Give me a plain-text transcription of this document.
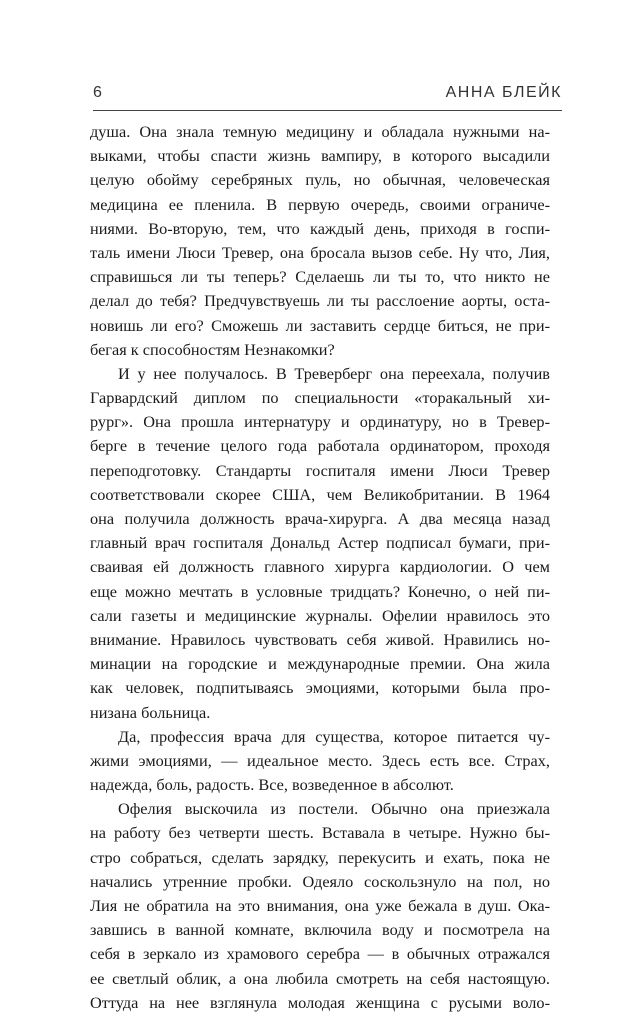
6	АННА БЛЕЙК
душа. Она знала темную медицину и обладала нужными на-
выками, чтобы спасти жизнь вампиру, в которого высадили
целую обойму серебряных пуль, но обычная, человеческая
медицина ее пленила. В первую очередь, своими ограниче-
ниями. Во-вторую, тем, что каждый день, приходя в госпи-
таль имени Люси Тревер, она бросала вызов себе. Ну что, Лия,
справишься ли ты теперь? Сделаешь ли ты то, что никто не
делал до тебя? Предчувствуешь ли ты расслоение аорты, оста-
новишь ли его? Сможешь ли заставить сердце биться, не при-
бегая к способностям Незнакомки?
И у нее получалось. В Треверберг она переехала, получив
Гарвардский диплом по специальности «торакальный хи-
рург». Она прошла интернатуру и ординатуру, но в Тревер-
берге в течение целого года работала ординатором, проходя
переподготовку. Стандарты госпиталя имени Люси Тревер
соответствовали скорее США, чем Великобритании. В 1964
она получила должность врача-хирурга. А два месяца назад
главный врач госпиталя Дональд Астер подписал бумаги, при-
сваивая ей должность главного хирурга кардиологии. О чем
еще можно мечтать в условные тридцать? Конечно, о ней пи-
сали газеты и медицинские журналы. Офелии нравилось это
внимание. Нравилось чувствовать себя живой. Нравились но-
минации на городские и международные премии. Она жила
как человек, подпитываясь эмоциями, которыми была про-
низана больница.
Да, профессия врача для существа, которое питается чу-
жими эмоциями, — идеальное место. Здесь есть все. Страх,
надежда, боль, радость. Все, возведенное в абсолют.
Офелия выскочила из постели. Обычно она приезжала
на работу без четверти шесть. Вставала в четыре. Нужно бы-
стро собраться, сделать зарядку, перекусить и ехать, пока не
начались утренние пробки. Одеяло соскользнуло на пол, но
Лия не обратила на это внимания, она уже бежала в душ. Ока-
завшись в ванной комнате, включила воду и посмотрела на
себя в зеркало из храмового серебра — в обычных отражался
ее светлый облик, а она любила смотреть на себя настоящую.
Оттуда на нее взглянула молодая женщина с русыми воло-
